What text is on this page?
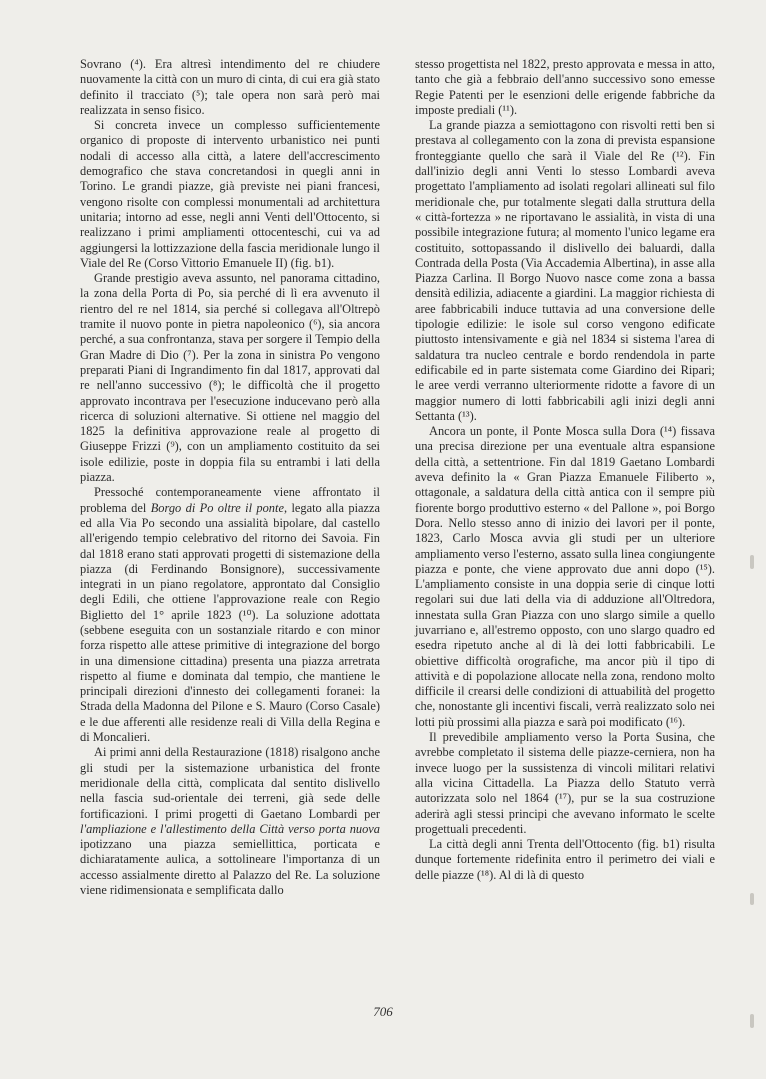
Sovrano (⁴). Era altresì intendimento del re chiudere nuovamente la città con un muro di cinta, di cui era già stato definito il tracciato (⁵); tale opera non sarà però mai realizzata in senso fisico.

Si concreta invece un complesso sufficientemente organico di proposte di intervento urbanistico nei punti nodali di accesso alla città, a latere dell'accrescimento demografico che stava concretandosi in quegli anni in Torino. Le grandi piazze, già previste nei piani francesi, vengono risolte con complessi monumentali ad architettura unitaria; intorno ad esse, negli anni Venti dell'Ottocento, si realizzano i primi ampliamenti ottocenteschi, cui va ad aggiungersi la lottizzazione della fascia meridionale lungo il Viale del Re (Corso Vittorio Emanuele II) (fig. b1).

Grande prestigio aveva assunto, nel panorama cittadino, la zona della Porta di Po, sia perché di lì era avvenuto il rientro del re nel 1814, sia perché si collegava all'Oltrepò tramite il nuovo ponte in pietra napoleonico (⁶), sia ancora perché, a sua confrontanza, stava per sorgere il Tempio della Gran Madre di Dio (⁷). Per la zona in sinistra Po vengono preparati Piani di Ingrandimento fin dal 1817, approvati dal re nell'anno successivo (⁸); le difficoltà che il progetto approvato incontrava per l'esecuzione inducevano però alla ricerca di soluzioni alternative. Si ottiene nel maggio del 1825 la definitiva approvazione reale al progetto di Giuseppe Frizzi (⁹), con un ampliamento costituito da sei isole edilizie, poste in doppia fila su entrambi i lati della piazza.

Pressoché contemporaneamente viene affrontato il problema del Borgo di Po oltre il ponte, legato alla piazza ed alla Via Po secondo una assialità bipolare, dal castello all'erigendo tempio celebrativo del ritorno dei Savoia. Fin dal 1818 erano stati approvati progetti di sistemazione della piazza (di Ferdinando Bonsignore), successivamente integrati in un piano regolatore, approntato dal Consiglio degli Edili, che ottiene l'approvazione reale con Regio Biglietto del 1° aprile 1823 (¹⁰). La soluzione adottata (sebbene eseguita con un sostanziale ritardo e con minor forza rispetto alle attese primitive di integrazione del borgo in una dimensione cittadina) presenta una piazza arretrata rispetto al fiume e dominata dal tempio, che mantiene le principali direzioni d'innesto dei collegamenti foranei: la Strada della Madonna del Pilone e S. Mauro (Corso Casale) e le due afferenti alle residenze reali di Villa della Regina e di Moncalieri.

Ai primi anni della Restaurazione (1818) risalgono anche gli studi per la sistemazione urbanistica del fronte meridionale della città, complicata dal sentito dislivello nella fascia sud-orientale dei terreni, già sede delle fortificazioni. I primi progetti di Gaetano Lombardi per l'ampliazione e l'allestimento della Città verso porta nuova ipotizzano una piazza semiellittica, porticata e dichiaratamente aulica, a sottolineare l'importanza di un accesso assialmente diretto al Palazzo del Re. La soluzione viene ridimensionata e semplificata dallo

stesso progettista nel 1822, presto approvata e messa in atto, tanto che già a febbraio dell'anno successivo sono emesse Regie Patenti per le esenzioni delle erigende fabbriche da imposte prediali (¹¹).

La grande piazza a semiottagono con risvolti retti ben si prestava al collegamento con la zona di prevista espansione fronteggiante quello che sarà il Viale del Re (¹²). Fin dall'inizio degli anni Venti lo stesso Lombardi aveva progettato l'ampliamento ad isolati regolari allineati sul filo meridionale che, pur totalmente slegati dalla struttura della « città-fortezza » ne riportavano le assialità, in vista di una possibile integrazione futura; al momento l'unico legame era costituito, sottopassando il dislivello dei baluardi, dalla Contrada della Posta (Via Accademia Albertina), in asse alla Piazza Carlina. Il Borgo Nuovo nasce come zona a bassa densità edilizia, adiacente a giardini. La maggior richiesta di aree fabbricabili induce tuttavia ad una conversione delle tipologie edilizie: le isole sul corso vengono edificate piuttosto intensivamente e già nel 1834 si sistema l'area di saldatura tra nucleo centrale e bordo rendendola in parte edificabile ed in parte sistemata come Giardino dei Ripari; le aree verdi verranno ulteriormente ridotte a favore di un maggior numero di lotti fabbricabili agli inizi degli anni Settanta (¹³).

Ancora un ponte, il Ponte Mosca sulla Dora (¹⁴) fissava una precisa direzione per una eventuale altra espansione della città, a settentrione. Fin dal 1819 Gaetano Lombardi aveva definito la « Gran Piazza Emanuele Filiberto », ottagonale, a saldatura della città antica con il sempre più fiorente borgo produttivo esterno « del Pallone », poi Borgo Dora. Nello stesso anno di inizio dei lavori per il ponte, 1823, Carlo Mosca avvia gli studi per un ulteriore ampliamento verso l'esterno, assato sulla linea congiungente piazza e ponte, che viene approvato due anni dopo (¹⁵). L'ampliamento consiste in una doppia serie di cinque lotti regolari sui due lati della via di adduzione all'Oltredora, innestata sulla Gran Piazza con uno slargo simile a quello juvarriano e, all'estremo opposto, con uno slargo quadro ed esedra ripetuto anche al di là dei lotti fabbricabili. Le obiettive difficoltà orografiche, ma ancor più il tipo di attività e di popolazione allocate nella zona, rendono molto difficile il crearsi delle condizioni di attuabilità del progetto che, nonostante gli incentivi fiscali, verrà realizzato solo nei lotti più prossimi alla piazza e sarà poi modificato (¹⁶).

Il prevedibile ampliamento verso la Porta Susina, che avrebbe completato il sistema delle piazze-cerniera, non ha invece luogo per la sussistenza di vincoli militari relativi alla vicina Cittadella. La Piazza dello Statuto verrà autorizzata solo nel 1864 (¹⁷), pur se la sua costruzione aderirà agli stessi principi che avevano informato le scelte progettuali precedenti.

La città degli anni Trenta dell'Ottocento (fig. b1) risulta dunque fortemente ridefinita entro il perimetro dei viali e delle piazze (¹⁸). Al di là di questo

706
